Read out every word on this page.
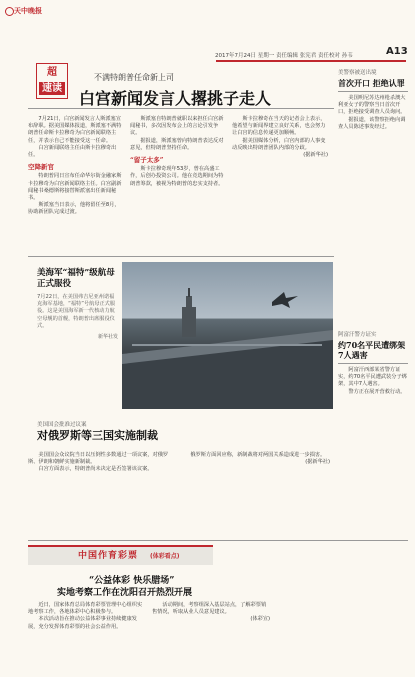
天中晚报
2017年7月24日 星期一 责任编辑 张宪君 责任校对 孙韦	A13
超
速读
不满特朗普任命新上司
白宫新闻发言人撂挑子走人

7月21日，白宫新闻发言人斯派塞宣布辞职。据美国媒体报道，斯派塞不满特朗普任命斯卡拉穆奇为白宫新闻联络主任，并表示自己不能接受这一任命。

白宫新闻联络主任由斯卡拉穆奇出任。

空降新官

特朗普同日宣布任命华尔街金融家斯卡拉穆奇为白宫新闻联络主任。白宫副新闻秘书桑德斯将接替斯派塞出任新闻秘书。

斯派塞当日表示，他将留任至8月，协助新团队完成过渡。

斯派塞自特朗普就职以来担任白宫新闻秘书，多次因发布会上的言论引发争议。

据报道，斯派塞曾向特朗普表达反对意见，但特朗普坚持任命。

“留子太多”

斯卡拉穆奇现年53岁，曾在高盛工作，后创办投资公司。他在竞选期间为特朗普筹款，被视为特朗普的忠实支持者。

斯卡拉穆奇在当天的记者会上表示，他希望与新闻界建立良好关系，也会努力让白宫的信息传递更加顺畅。

据美国媒体分析，白宫内部的人事变动反映出特朗普团队内部的分歧。

(据新华社)

美海军“福特”级航母正式服役
7月22日，在美国弗吉尼亚州诺福克海军基地，“福特”号航母正式服役。这是美国海军新一代核动力航空母舰的首舰，特朗普出席服役仪式。
新华社发
美警察被送出境
首次开口 拒绝认罪

美国明尼苏达州枪杀澳大利亚女子的警察当日首次开口，拒绝接受调查人员询问。

据报道，该警察拒绝向调查人员陈述事发经过。

阿富汗警方证实
约70名平民遭绑架7人遇害

阿富汗西部某省警方证实，约70名平民遭武装分子绑架，其中7人遇害。

警方正在展开营救行动。

美国国会批准过议案
对俄罗斯等三国实施制裁

美国国会众议院当日以压倒性多数通过一项议案，对俄罗斯、伊朗和朝鲜实施新制裁。

白宫方面表示，特朗普尚未决定是否签署该议案。

俄罗斯方面回应称，新制裁将对两国关系造成进一步损害。

(据新华社)

中国作育彩票 (体彩看点)
“公益体彩 快乐腊场”
实地考察工作在沈阳召开热烈开展

近日，国家体育总局体育彩票管理中心组织实地考察工作，各地体彩中心积极参与。

本次活动旨在推动公益体彩事业持续健康发展，充分发挥体育彩票的社会公益作用。

活动期间，考察组深入基层站点，了解彩票销售情况，听取从业人员意见建议。

(体彩宣)
